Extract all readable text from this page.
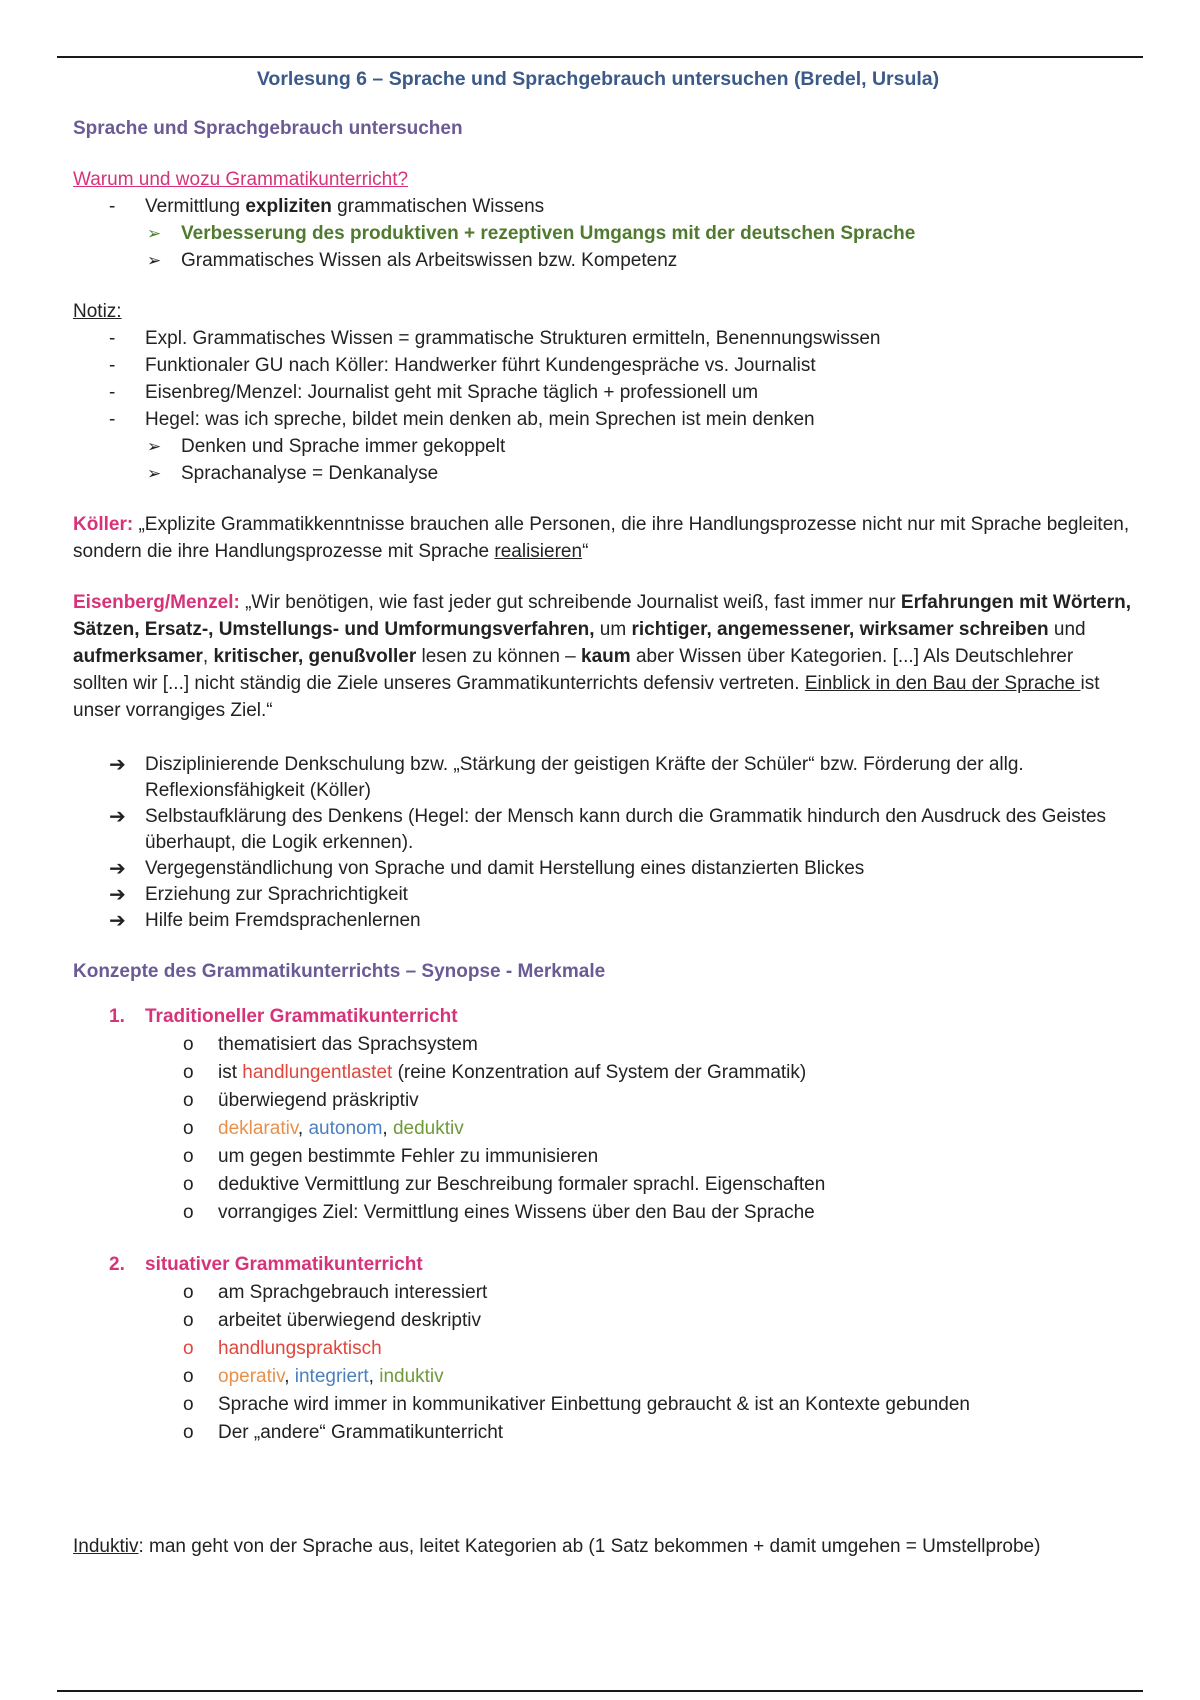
Vorlesung 6 – Sprache und Sprachgebrauch untersuchen (Bredel, Ursula)
Sprache und Sprachgebrauch untersuchen
Warum und wozu Grammatikunterricht?
- Vermittlung expliziten grammatischen Wissens
➢ Verbesserung des produktiven + rezeptiven Umgangs mit der deutschen Sprache
➢ Grammatisches Wissen als Arbeitswissen bzw. Kompetenz
Notiz:
- Expl. Grammatisches Wissen = grammatische Strukturen ermitteln, Benennungswissen
- Funktionaler GU nach Köller: Handwerker führt Kundengespräche vs. Journalist
- Eisenbreg/Menzel: Journalist geht mit Sprache täglich + professionell um
- Hegel: was ich spreche, bildet mein denken ab, mein Sprechen ist mein denken
➢ Denken und Sprache immer gekoppelt
➢ Sprachanalyse = Denkanalyse
Köller: „Explizite Grammatikkenntnisse brauchen alle Personen, die ihre Handlungsprozesse nicht nur mit Sprache begleiten, sondern die ihre Handlungsprozesse mit Sprache realisieren“
Eisenberg/Menzel: „Wir benötigen, wie fast jeder gut schreibende Journalist weiß, fast immer nur Erfahrungen mit Wörtern, Sätzen, Ersatz-, Umstellungs- und Umformungsverfahren, um richtiger, angemessener, wirksamer schreiben und aufmerksamer, kritischer, genußvoller lesen zu können – kaum aber Wissen über Kategorien. [...] Als Deutschlehrer sollten wir [...] nicht ständig die Ziele unseres Grammatikunterrichts defensiv vertreten. Einblick in den Bau der Sprache ist unser vorrangiges Ziel.“
➔ Disziplinierende Denkschulung bzw. „Stärkung der geistigen Kräfte der Schüler“ bzw. Förderung der allg. Reflexionsfähigkeit (Köller)
➔ Selbstaufklärung des Denkens (Hegel: der Mensch kann durch die Grammatik hindurch den Ausdruck des Geistes überhaupt, die Logik erkennen).
➔ Vergegenständlichung von Sprache und damit Herstellung eines distanzierten Blickes
➔ Erziehung zur Sprachrichtigkeit
➔ Hilfe beim Fremdsprachenlernen
Konzepte des Grammatikunterrichts – Synopse - Merkmale
1. Traditioneller Grammatikunterricht
o thematisiert das Sprachsystem
o ist handlungentlastet (reine Konzentration auf System der Grammatik)
o überwiegend präskriptiv
o deklarativ, autonom, deduktiv
o um gegen bestimmte Fehler zu immunisieren
o deduktive Vermittlung zur Beschreibung formaler sprachl. Eigenschaften
o vorrangiges Ziel: Vermittlung eines Wissens über den Bau der Sprache
2. situativer Grammatikunterricht
o am Sprachgebrauch interessiert
o arbeitet überwiegend deskriptiv
o handlungspraktisch
o operativ, integriert, induktiv
o Sprache wird immer in kommunikativer Einbettung gebraucht & ist an Kontexte gebunden
o Der „andere“ Grammatikunterricht
Induktiv: man geht von der Sprache aus, leitet Kategorien ab (1 Satz bekommen + damit umgehen = Umstellprobe)
